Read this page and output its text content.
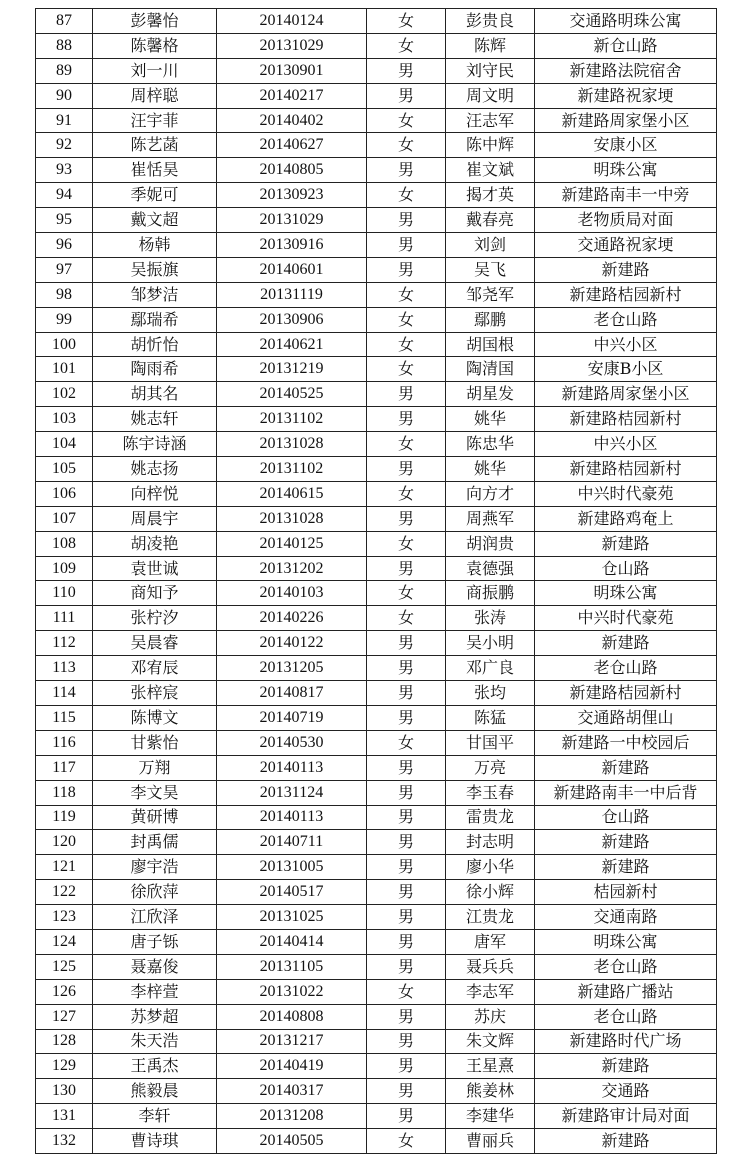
87	彭馨怡	20140124	女	彭贵良	交通路明珠公寓
88	陈馨格	20131029	女	陈辉	新仓山路
89	刘一川	20130901	男	刘守民	新建路法院宿舍
90	周梓聪	20140217	男	周文明	新建路祝家埂
91	汪宇菲	20140402	女	汪志军	新建路周家堡小区
92	陈艺菡	20140627	女	陈中辉	安康小区
93	崔恬昊	20140805	男	崔文斌	明珠公寓
94	季妮可	20130923	女	揭才英	新建路南丰一中旁
95	戴文超	20131029	男	戴春亮	老物质局对面
96	杨韩	20130916	男	刘剑	交通路祝家埂
97	吴振旗	20140601	男	吴飞	新建路
98	邹梦洁	20131119	女	邹尧军	新建路桔园新村
99	鄢瑞希	20130906	女	鄢鹏	老仓山路
100	胡忻怡	20140621	女	胡国根	中兴小区
101	陶雨希	20131219	女	陶清国	安康B小区
102	胡其名	20140525	男	胡星发	新建路周家堡小区
103	姚志轩	20131102	男	姚华	新建路桔园新村
104	陈宇诗涵	20131028	女	陈忠华	中兴小区
105	姚志扬	20131102	男	姚华	新建路桔园新村
106	向梓悦	20140615	女	向方才	中兴时代豪苑
107	周晨宇	20131028	男	周燕军	新建路鸡奄上
108	胡凌艳	20140125	女	胡润贵	新建路
109	袁世诚	20131202	男	袁德强	仓山路
110	商知予	20140103	女	商振鹏	明珠公寓
111	张柠汐	20140226	女	张涛	中兴时代豪苑
112	吴晨睿	20140122	男	吴小明	新建路
113	邓宥辰	20131205	男	邓广良	老仓山路
114	张梓宸	20140817	男	张均	新建路桔园新村
115	陈博文	20140719	男	陈猛	交通路胡俚山
116	甘紫怡	20140530	女	甘国平	新建路一中校园后
117	万翔	20140113	男	万亮	新建路
118	李文昊	20131124	男	李玉春	新建路南丰一中后背
119	黄研博	20140113	男	雷贵龙	仓山路
120	封禹儒	20140711	男	封志明	新建路
121	廖宇浩	20131005	男	廖小华	新建路
122	徐欣萍	20140517	男	徐小辉	桔园新村
123	江欣泽	20131025	男	江贵龙	交通南路
124	唐子铄	20140414	男	唐军	明珠公寓
125	聂嘉俊	20131105	男	聂兵兵	老仓山路
126	李梓萱	20131022	女	李志军	新建路广播站
127	苏梦超	20140808	男	苏庆	老仓山路
128	朱天浩	20131217	男	朱文辉	新建路时代广场
129	王禹杰	20140419	男	王星熹	新建路
130	熊毅晨	20140317	男	熊姜林	交通路
131	李轩	20131208	男	李建华	新建路审计局对面
132	曹诗琪	20140505	女	曹丽兵	新建路
